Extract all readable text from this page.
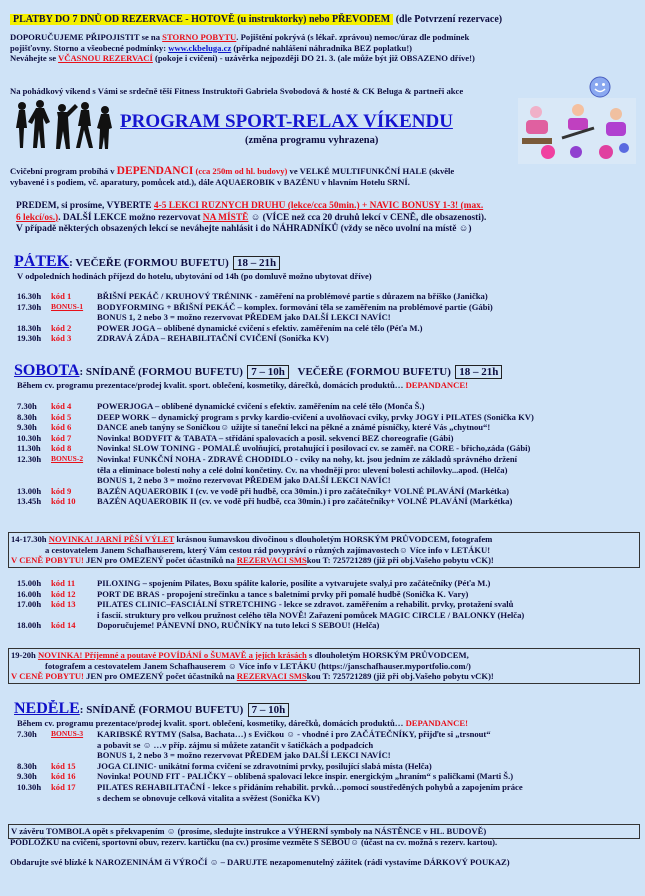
PLATBY DO 7 DNŮ OD REZERVACE - HOTOVĚ (u instruktorky) nebo PŘEVODEM (dle Potvrzení rezervace)
DOPORUČUJEME PŘIPOJISTIT se na STORNO POBYTU. Pojištění pokrývá (s lékař. zprávou) nemoc/úraz dle podmínek
pojišťovny. Storno a všeobecné podmínky: www.ckbeluga.cz (případné nahlášení náhradníka BEZ poplatku!)
Neváhejte se VČASNOU REZERVACÍ (pokoje i cvičení) - uzávěrka nejpozději DO 21. 3. (ale může být již OBSAZENO dříve!)
Na pohádkový víkend s Vámi se srdečně těší Fitness Instruktoři Gabriela Svobodová & hosté & CK Beluga & partneři akce
PROGRAM SPORT-RELAX VÍKENDU
(změna programu vyhrazena)
Cvičební program probíhá v DEPENDANCI (cca 250m od hl. budovy) ve VELKÉ MULTIFUNKČNÍ HALE (skvěle
vybavené i s podiem, vč. aparatury, pomůcek atd.), dále AQUAEROBIK v BAZÉNU v hlavním Hotelu SRNÍ.
PŘEDEM, si prosíme, VYBERTE 4-5 LEKCÍ RŮZNÝCH DRUHŮ (lekce/cca 50min.) + NAVÍC BONUSY 1-3! (max.
6 lekcí/os.). DALŠÍ LEKCE možno rezervovat NA MÍSTĚ ☺ (VÍCE než cca 20 druhů lekcí v CENĚ, dle obsazenosti).
V případě některých obsazených lekcí se neváhejte nahlásit i do NÁHRADNÍKŮ (vždy se něco uvolní na místě ☺)
PÁTEK: VEČEŘE (FORMOU BUFETU) 18 – 21h
V odpoledních hodinách příjezd do hotelu, ubytování od 14h (po domluvě možno ubytovat dříve)
16.30h	kód 1	BŘIŠNÍ PEKÁČ / KRUHOVÝ TRÉNINK - zaměření na problémové partie s důrazem na bříško (Janička)
17.30h	BONUS-1	BODYFORMING + BŘIŠNÍ PEKÁČ – komplex. formování těla se zaměřením na problémové partie (Gábi)
BONUS 1, 2 nebo 3 = možno rezervovat PŘEDEM jako DALŠÍ LEKCI NAVÍC!
18.30h	kód 2	POWER JOGA – oblíbené dynamické cvičení s efektiv. zaměřením na celé tělo (Péťa M.)
19.30h	kód 3	ZDRAVÁ ZÁDA – REHABILITAČNÍ CVIČENÍ (Sonička KV)
SOBOTA: SNÍDANĚ (FORMOU BUFETU) 7 – 10h VEČEŘE (FORMOU BUFETU) 18 – 21h
Během cv. programu prezentace/prodej kvalit. sport. oblečení, kosmetiky, dárečků, domácích produktů… DEPANDANCE!
7.30h	kód 4	POWERJOGA – oblíbené dynamické cvičení s efektiv. zaměřením na celé tělo (Monča Š.)
8.30h	kód 5	DEEP WORK – dynamický program s prvky kardio-cvičení a uvolňovací cviky, prvky JOGY i PILATES (Sonička KV)
9.30h	kód 6	DANCE aneb tanýny se Soničkou☺ užijte si taneční lekci na pěkné a známé písničky, které Vás „chytnou“!
10.30h	kód 7	Novinka! BODYFIT & TABATA – střídání spalovacích a posil. sekvencí BEZ choreografie (Gábi)
11.30h	kód 8	Novinka! SLOW TONING - POMALÉ uvolňující, protahující i posilovací cv. se zaměř. na CORE - břicho,záda (Gábi)
12.30h	BONUS-2	Novinka! FUNKČNÍ NOHA - ZDRAVÉ CHODIDLO - cviky na nohy, kt. jsou jedním ze základů správného držení
těla a eliminace bolestí nohy a celé dolní končetiny. Cv. na vhodnějí pro: ulevení bolesti achilovky...apod. (Helča)
BONUS 1, 2 nebo 3 = možno rezervovat PŘEDEM jako DALŠÍ LEKCI NAVÍC!
13.00h	kód 9	BAZÉN AQUAEROBIK I (cv. ve vodě při hudbě, cca 30min.) i pro začátečníky+ VOLNÉ PLAVÁNÍ (Markétka)
13.45h	kód 10	BAZÉN AQUAEROBIK II (cv. ve vodě při hudbě, cca 30min.) i pro začátečníky+ VOLNÉ PLAVÁNÍ (Markétka)
14-17.30h NOVINKA! JARNÍ PĚŠÍ VÝLET krásnou šumavskou divočinou s dlouholetým HORSKÝM PRŮVODCEM, fotografem
a cestovatelem Janem Schafhauserem, který Vám cestou rád povypráví o různých zajímavostech☺ Více info v LETÁKU!
V CENĚ POBYTU! JEN pro OMEZENÝ počet účastníků na REZERVACI SMSkou T: 725721289 (již při obj.Vašeho pobytu vCK)!
15.00h	kód 11	PILOXING – spojením Pilates, Boxu spálíte kalorie, posílíte a vytvarujete svaly,i pro začátečníky (Péťa M.)
16.00h	kód 12	PORT DE BRAS - propojení strečinku a tance s baletními prvky při pomalé hudbě (Sonička K. Vary)
17.00h	kód 13	PILATES CLINIC–FASCIÁLNÍ STRETCHING - lekce se zdravot. zaměřením a rehabilit. prvky, protažení svalů
i fascií. struktury pro velkou pružnost celého těla NOVĚ! Zařazení pomůcek MAGIC CIRCLE / BALONKY (Helča)
18.00h	kód 14	Doporučujeme! PÁNEVNÍ DNO, RUČNÍKY na tuto lekci S SEBOU! (Helča)
19-20h NOVINKA! Příjemné a poutavé POVÍDÁNÍ o ŠUMAVĚ a jejích krásách s dlouholetým HORSKÝM PRŮVODCEM,
fotografem a cestovatelem Janem Schafhauserem ☺ Více info v LETÁKU (https://janschafhauser.myportfolio.com/)
V CENĚ POBYTU! JEN pro OMEZENÝ počet účastníků na REZERVACI SMSkou T: 725721289 (již při obj.Vašeho pobytu vCK)!
NEDĚLE: SNÍDANĚ (FORMOU BUFETU) 7 – 10h
Během cv. programu prezentace/prodej kvalit. sport. oblečení, kosmetiky, dárečků, domácích produktů… DEPANDANCE!
7.30h	BONUS-3	KARIBSKÉ RYTMY (Salsa, Bachata…) s Evičkou ☺ - vhodné i pro ZAČÁTEČNÍKY, přijďte si „trsnout“
a pobavit se ☺ …v příp. zájmu si můžete zatančit v šatičkách a podpadcích
BONUS 1, 2 nebo 3 = možno rezervovat PŘEDEM jako DALŠÍ LEKCI NAVÍC!
8.30h	kód 15	JOGA CLINIC- unikátní forma cvičení se zdravotními prvky, posilující slabá místa (Helča)
9.30h	kód 16	Novinka! POUND FIT - PALIČKY – oblíbená spalovací lekce inspir. energickým „hraním“ s paličkami (Marti Š.)
10.30h	kód 17	PILATES REHABILITAČNÍ - lekce s přidáním rehabilit. prvků…pomocí soustředěných pohybů a zapojením práce
s dechem se obnovuje celková vitalita a svěžest (Sonička KV)
V závěru TOMBOLA opět s překvapením ☺ (prosíme, sledujte instrukce a VÝHERNÍ symboly na NÁSTĚNCE v HL. BUDOVĚ)
PODLOŽKU na cvičení, sportovní obuv, rezerv. kartičku (na cv.) prosíme vezměte S SEBOU☺ (účast na cv. možná s rezerv. kartou).
Obdarujte své blízké k NAROZENINÁM či VÝROČÍ ☺ – DARUJTE nezapomenutelný zážitek (rádi vystavíme DÁRKOVÝ POUKAZ)
